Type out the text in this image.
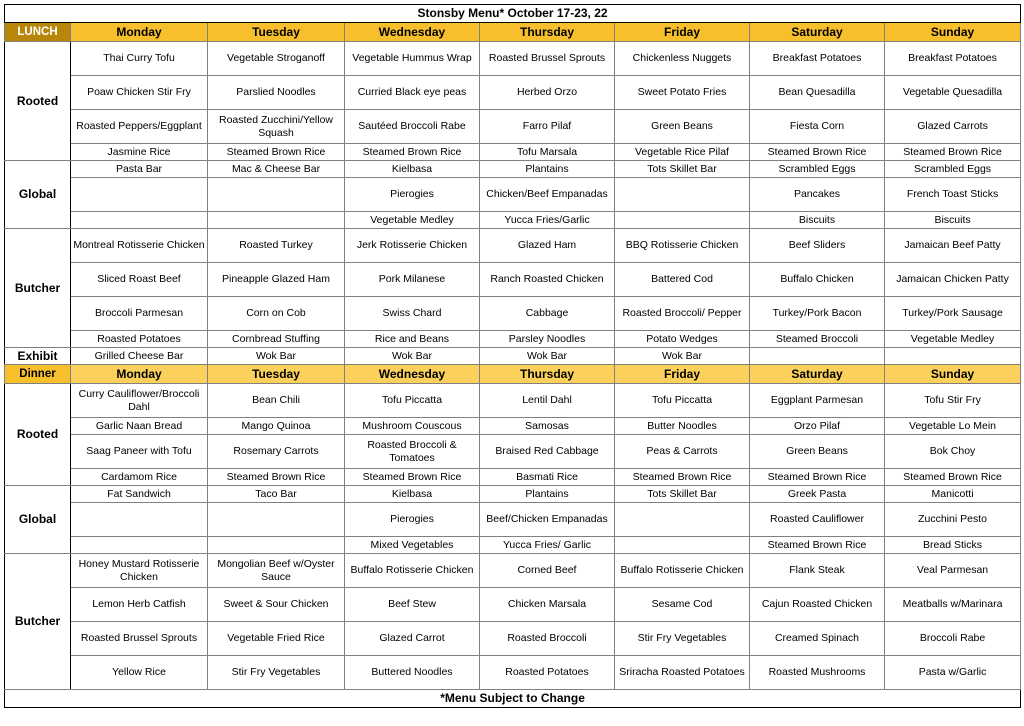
Stonsby Menu* October 17-23, 22							
LUNCH	Monday	Tuesday	Wednesday	Thursday	Friday	Saturday	Sunday
Rooted	Thai Curry Tofu	Vegetable Stroganoff	Vegetable Hummus Wrap	Roasted Brussel Sprouts	Chickenless Nuggets	Breakfast Potatoes	Breakfast Potatoes
	Poaw Chicken Stir Fry	Parslied Noodles	Curried Black eye peas	Herbed Orzo	Sweet Potato Fries	Bean Quesadilla	Vegetable Quesadilla
	Roasted Peppers/Eggplant	Roasted Zucchini/Yellow Squash	Sautéed Broccoli Rabe	Farro Pilaf	Green Beans	Fiesta Corn	Glazed Carrots
	Jasmine Rice	Steamed Brown Rice	Steamed Brown Rice	Tofu Marsala	Vegetable Rice Pilaf	Steamed Brown Rice	Steamed Brown Rice
Global	Pasta Bar	Mac & Cheese Bar	Kielbasa	Plantains	Tots Skillet Bar	Scrambled Eggs	Scrambled Eggs
			Pierogies	Chicken/Beef Empanadas		Pancakes	French Toast Sticks
			Vegetable Medley	Yucca Fries/Garlic		Biscuits	Biscuits
Butcher	Montreal Rotisserie Chicken	Roasted Turkey	Jerk Rotisserie Chicken	Glazed Ham	BBQ Rotisserie Chicken	Beef Sliders	Jamaican Beef Patty
	Sliced Roast Beef	Pineapple Glazed Ham	Pork Milanese	Ranch Roasted Chicken	Battered Cod	Buffalo Chicken	Jamaican Chicken Patty
	Broccoli Parmesan	Corn on Cob	Swiss Chard	Cabbage	Roasted Broccoli/ Pepper	Turkey/Pork Bacon	Turkey/Pork Sausage
	Roasted Potatoes	Cornbread Stuffing	Rice and Beans	Parsley Noodles	Potato Wedges	Steamed Broccoli	Vegetable Medley
Exhibit	Grilled Cheese Bar	Wok Bar	Wok Bar	Wok Bar	Wok Bar		
Dinner	Monday	Tuesday	Wednesday	Thursday	Friday	Saturday	Sunday
Rooted	Curry Cauliflower/Broccoli Dahl	Bean Chili	Tofu Piccatta	Lentil Dahl	Tofu Piccatta	Eggplant Parmesan	Tofu Stir Fry
	Garlic Naan Bread	Mango Quinoa	Mushroom Couscous	Samosas	Butter Noodles	Orzo Pilaf	Vegetable Lo Mein
	Saag Paneer with Tofu	Rosemary Carrots	Roasted Broccoli & Tomatoes	Braised Red Cabbage	Peas & Carrots	Green Beans	Bok Choy
	Cardamom Rice	Steamed Brown Rice	Steamed Brown Rice	Basmati Rice	Steamed Brown Rice	Steamed Brown Rice	Steamed Brown Rice
Global	Fat Sandwich	Taco Bar	Kielbasa	Plantains	Tots Skillet Bar	Greek Pasta	Manicotti
			Pierogies	Beef/Chicken Empanadas		Roasted Cauliflower	Zucchini Pesto
			Mixed Vegetables	Yucca Fries/ Garlic		Steamed Brown Rice	Bread Sticks
Butcher	Honey Mustard Rotisserie Chicken	Mongolian Beef w/Oyster Sauce	Buffalo Rotisserie Chicken	Corned Beef	Buffalo Rotisserie Chicken	Flank Steak	Veal Parmesan
	Lemon Herb Catfish	Sweet & Sour Chicken	Beef Stew	Chicken Marsala	Sesame Cod	Cajun Roasted Chicken	Meatballs w/Marinara
	Roasted Brussel Sprouts	Vegetable Fried Rice	Glazed Carrot	Roasted Broccoli	Stir Fry Vegetables	Creamed Spinach	Broccoli Rabe
	Yellow Rice	Stir Fry Vegetables	Buttered Noodles	Roasted Potatoes	Sriracha Roasted Potatoes	Roasted Mushrooms	Pasta w/Garlic
*Menu Subject to Change							
